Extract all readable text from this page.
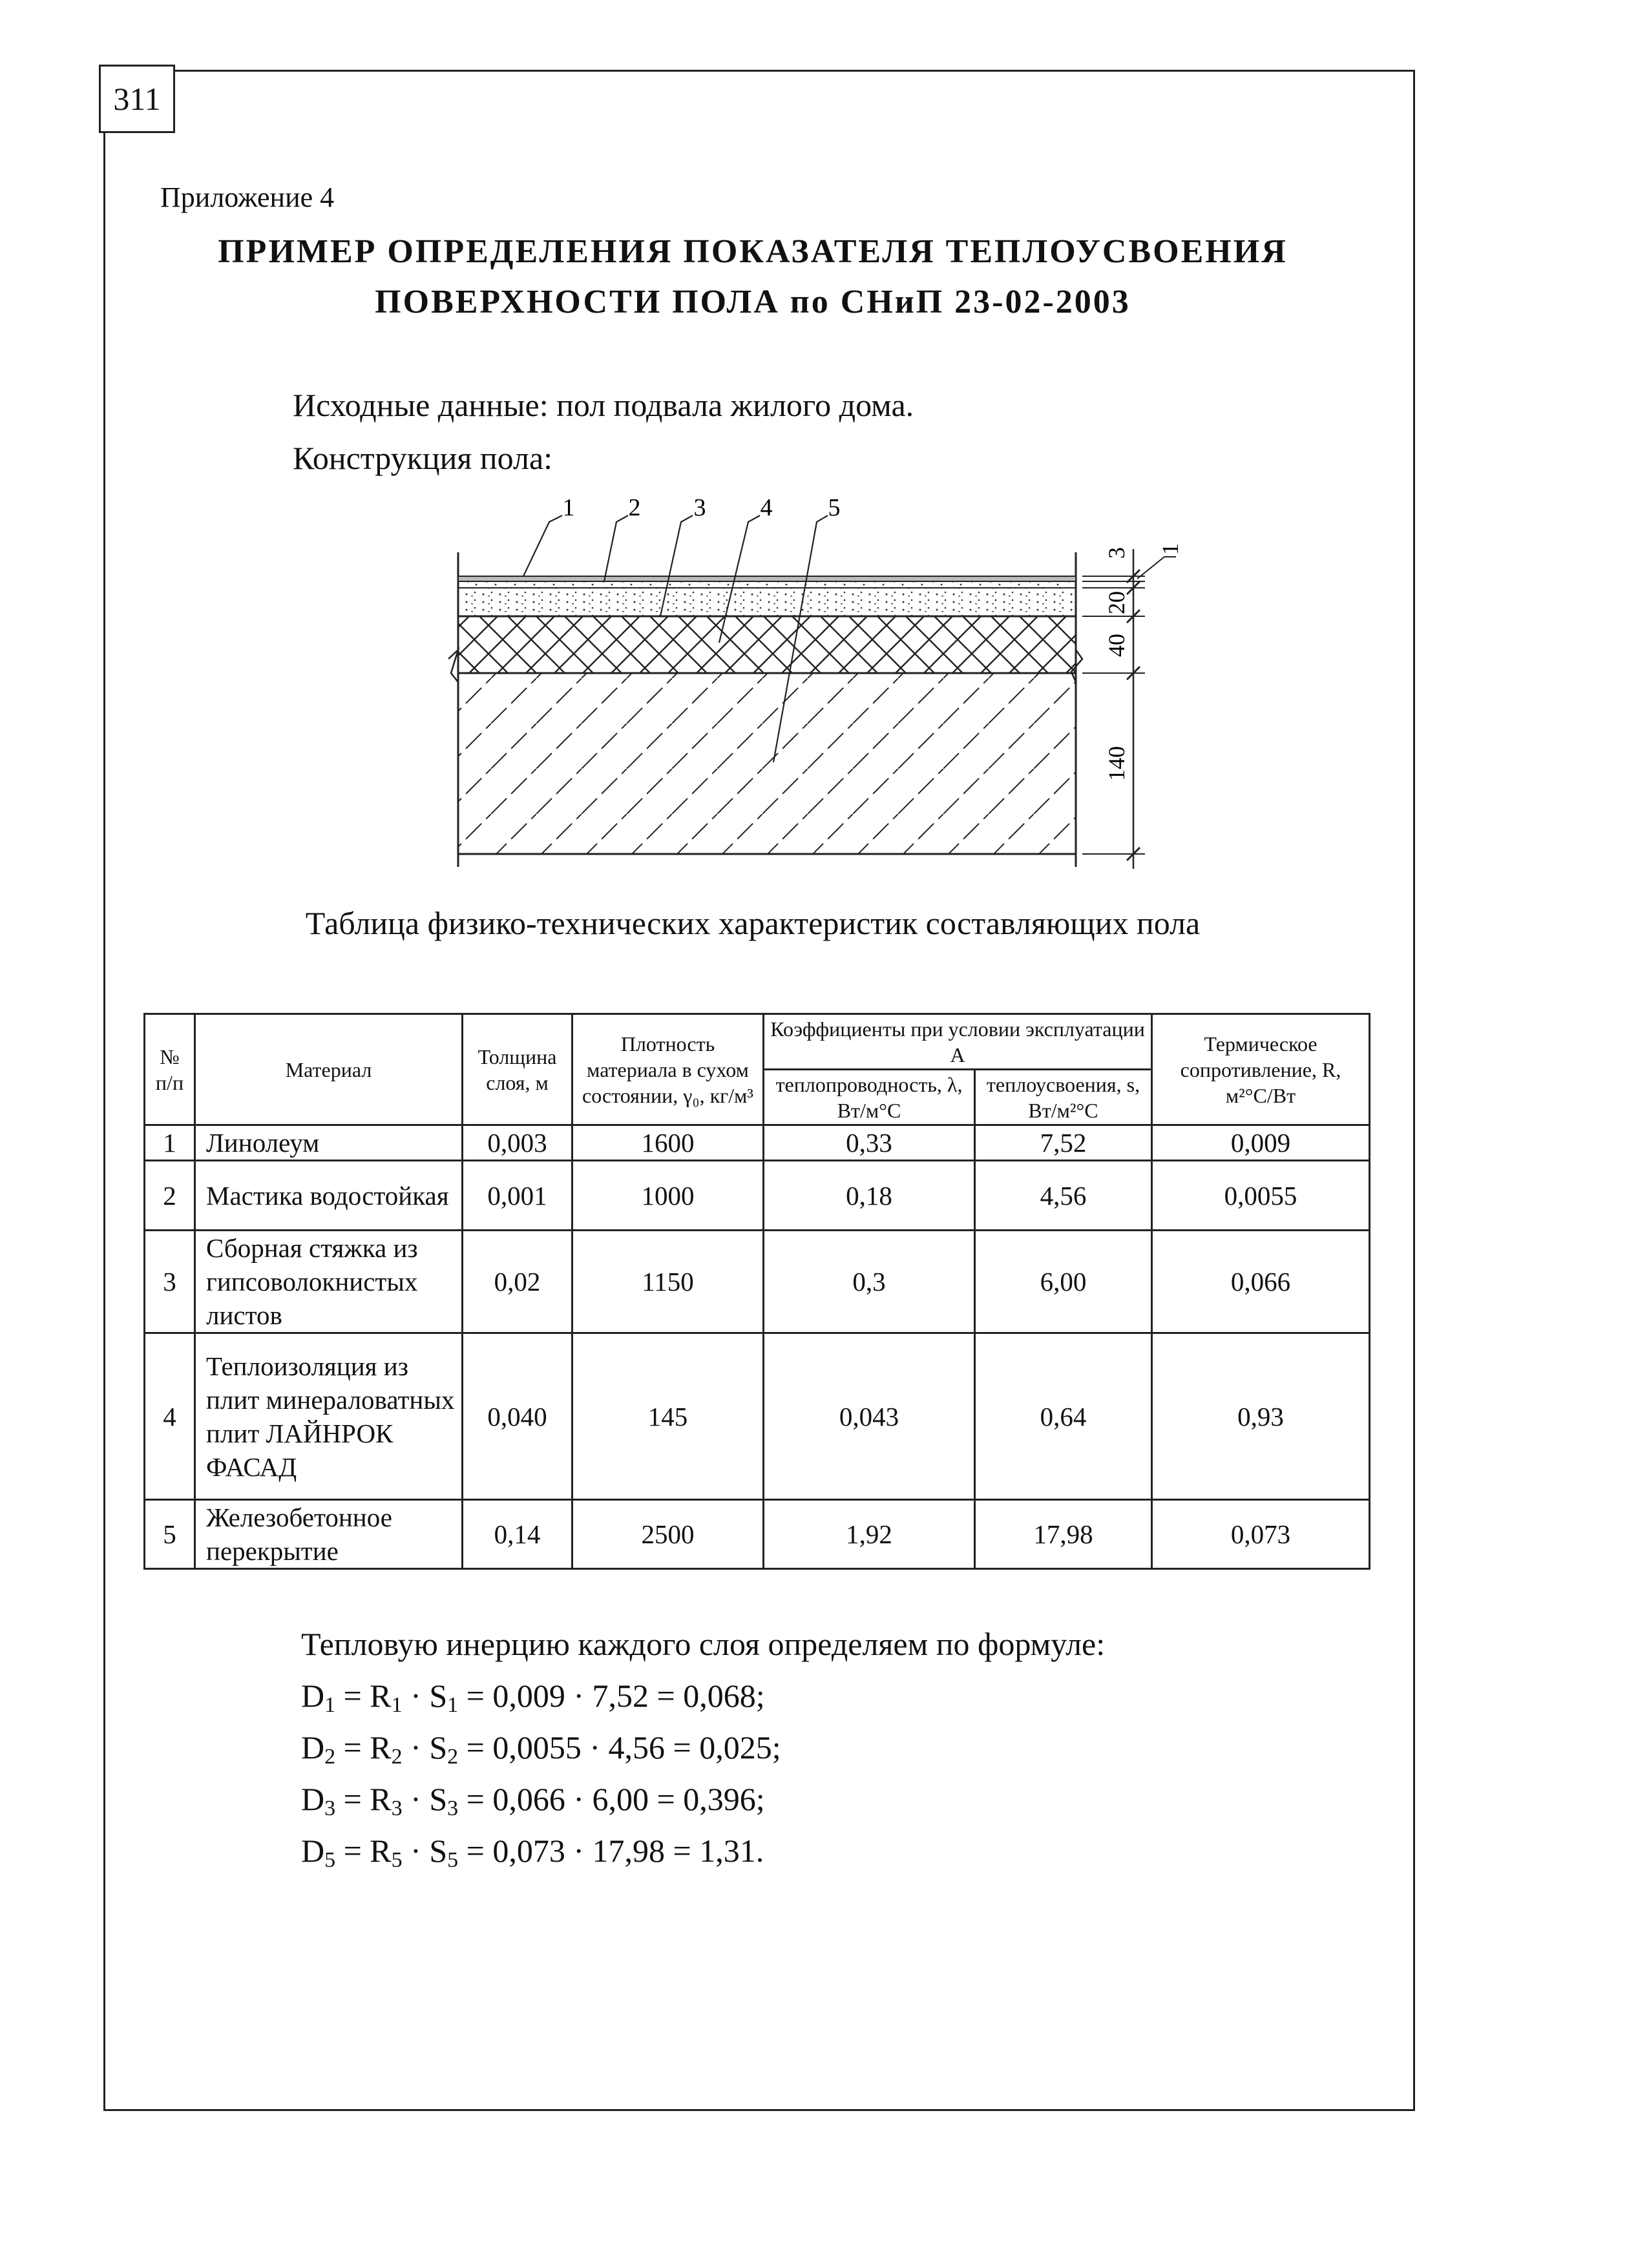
311
Приложение 4
ПРИМЕР ОПРЕДЕЛЕНИЯ ПОКАЗАТЕЛЯ ТЕПЛОУСВОЕНИЯ
ПОВЕРХНОСТИ ПОЛА по СНиП 23-02-2003
Исходные данные: пол подвала жилого дома.
Конструкция пола:
1 2 3 4 5
3 1
20
40
140
Таблица физико-технических характеристик составляющих пола
№ п/п	Материал	Толщина слоя, м	Плотность материала в сухом состоянии, γ₀, кг/м³	Коэффициенты при условии эксплуатации А		Термическое сопротивление, R, м²°С/Вт
				теплопроводность, λ, Вт/м°С	теплоусвоения, s, Вт/м²°С	
1	Линолеум	0,003	1600	0,33	7,52	0,009
2	Мастика водостойкая	0,001	1000	0,18	4,56	0,0055
3	Сборная стяжка из гипсоволокнистых листов	0,02	1150	0,3	6,00	0,066
4	Теплоизоляция из плит минераловатных плит ЛАЙНРОК ФАСАД	0,040	145	0,043	0,64	0,93
5	Железобетонное перекрытие	0,14	2500	1,92	17,98	0,073
Тепловую инерцию каждого слоя определяем по формуле:
$D_1 = R_1 \cdot S_1 = 0,009 \cdot 7,52 = 0,068$;
$D_2 = R_2 \cdot S_2 = 0,0055 \cdot 4,56 = 0,025$;
$D_3 = R_3 \cdot S_3 = 0,066 \cdot 6,00 = 0,396$;
$D_5 = R_5 \cdot S_5 = 0,073 \cdot 17,98 = 1,31$.
